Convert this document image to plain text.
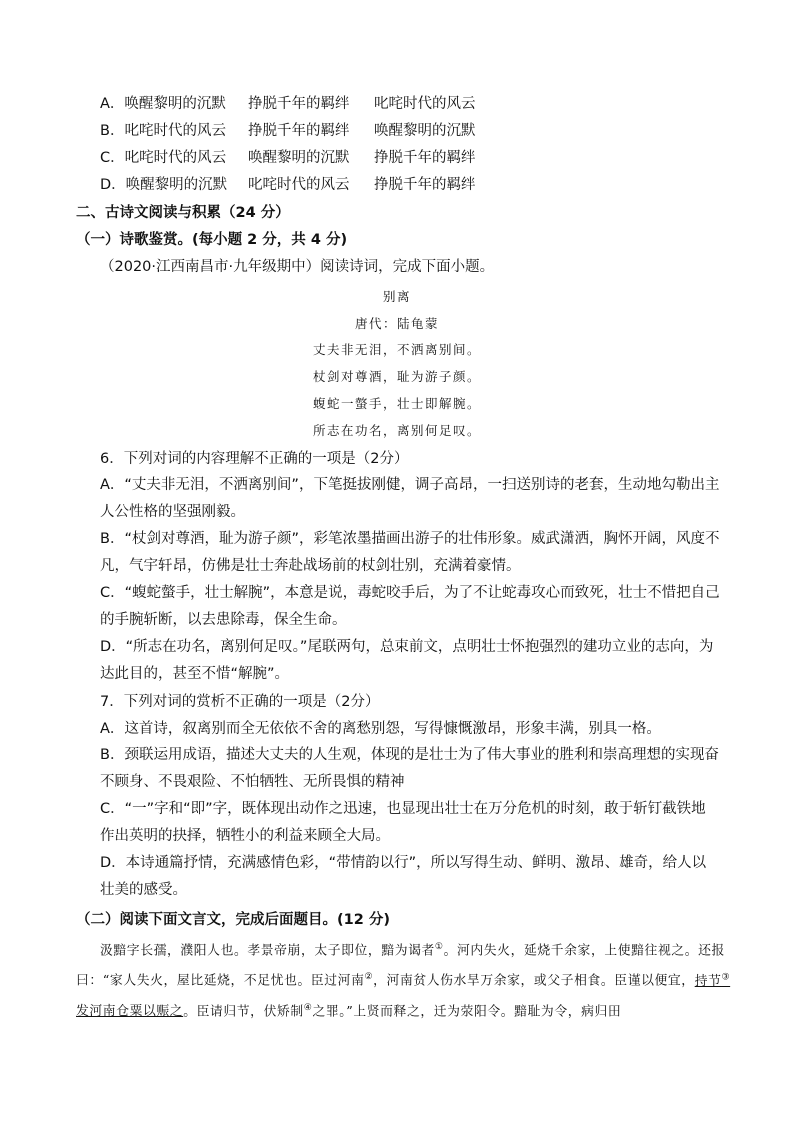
A．唤醒黎明的沉默 挣脱千年的羁绊 叱咤时代的风云
B．叱咤时代的风云 挣脱千年的羁绊 唤醒黎明的沉默
C．叱咤时代的风云 唤醒黎明的沉默 挣脱千年的羁绊
D．唤醒黎明的沉默 叱咤时代的风云 挣脱千年的羁绊
二、古诗文阅读与积累（24 分）
（一）诗歌鉴赏。(每小题 2 分，共 4 分)
（2020·江西南昌市·九年级期中）阅读诗词，完成下面小题。
别离
唐代：陆龟蒙
丈夫非无泪，不洒离别间。
杖剑对尊酒，耻为游子颜。
蝮蛇一螫手，壮士即解腕。
所志在功名，离别何足叹。
6．下列对词的内容理解不正确的一项是（2分）
A．“丈夫非无泪，不洒离别间”，下笔挺拔刚健，调子高昂，一扫送别诗的老套，生动地勾勒出主人公性格的坚强刚毅。
B．“杖剑对尊酒，耻为游子颜”，彩笔浓墨描画出游子的壮伟形象。威武潇洒，胸怀开阔，风度不凡，气宇轩昂，仿佛是壮士奔赴战场前的杖剑壮别，充满着豪情。
C．“蝮蛇螫手，壮士解腕”，本意是说，毒蛇咬手后，为了不让蛇毒攻心而致死，壮士不惜把自己的手腕斩断，以去患除毒，保全生命。
D．“所志在功名，离别何足叹。”尾联两句，总束前文，点明壮士怀抱强烈的建功立业的志向，为达此目的，甚至不惜“解腕”。
7．下列对词的赏析不正确的一项是（2分）
A．这首诗，叙离别而全无依依不舍的离愁别怨，写得慷慨激昂，形象丰满，别具一格。
B．颈联运用成语，描述大丈夫的人生观，体现的是壮士为了伟大事业的胜利和崇高理想的实现奋不顾身、不畏艰险、不怕牺牲、无所畏惧的精神
C．“一”字和“即”字，既体现出动作之迅速，也显现出壮士在万分危机的时刻，敢于斩钉截铁地作出英明的抉择，牺牲小的利益来顾全大局。
D．本诗通篇抒情，充满感情色彩，“带情韵以行”，所以写得生动、鲜明、激昂、雄奇，给人以壮美的感受。
（二）阅读下面文言文，完成后面题目。(12 分)
汲黯字长孺，濮阳人也。孝景帝崩，太子即位，黯为谒者①。河内失火，延烧千余家，上使黯往视之。还报曰：“家人失火，屋比延烧，不足忧也。臣过河南②，河南贫人伤水旱万余家，或父子相食。臣谨以便宜，持节③发河南仓粟以赈之。臣请归节，伏矫制④之罪。”上贤而释之，迁为荥阳令。黯耻为令，病归田
